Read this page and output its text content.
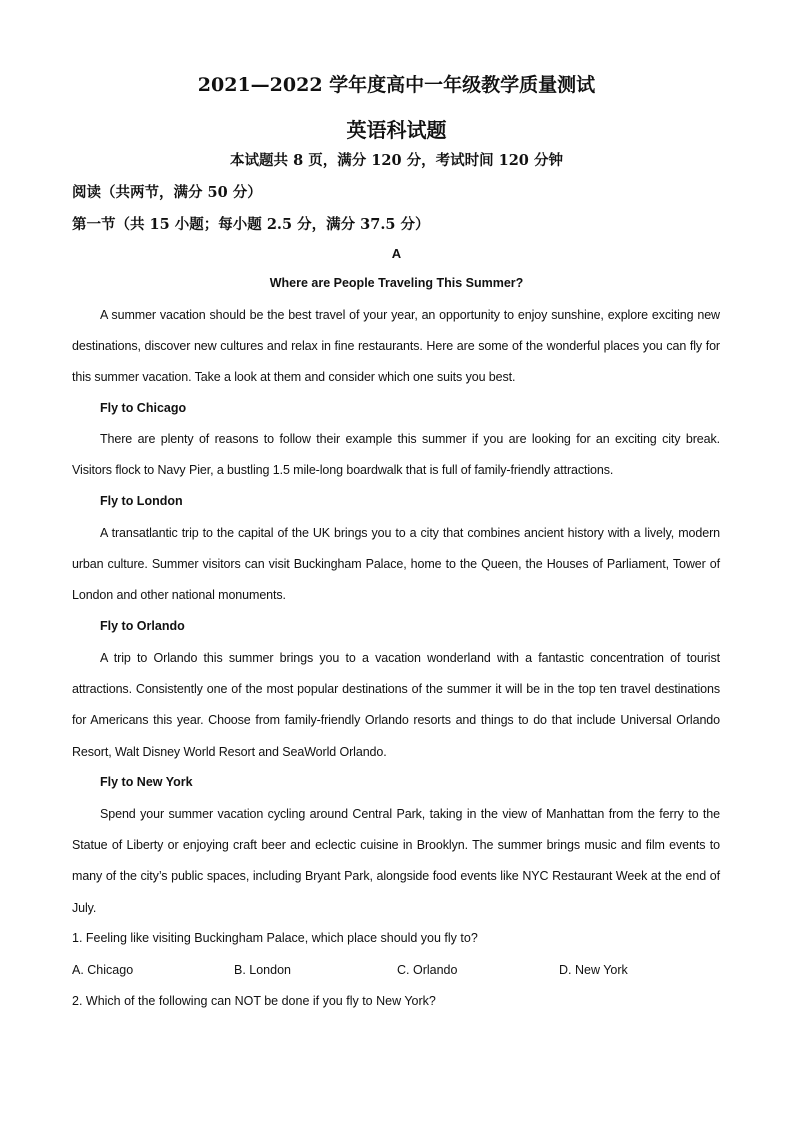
2021—2022 学年度高中一年级教学质量测试
英语科试题
本试题共 8 页，满分 120 分，考试时间 120 分钟
阅读（共两节，满分 50 分）
第一节（共 15 小题；每小题 2.5 分，满分 37.5 分）
A
Where are People Traveling This Summer?

A summer vacation should be the best travel of your year, an opportunity to enjoy sunshine, explore exciting new destinations, discover new cultures and relax in fine restaurants. Here are some of the wonderful places you can fly for this summer vacation. Take a look at them and consider which one suits you best.

Fly to Chicago

There are plenty of reasons to follow their example this summer if you are looking for an exciting city break. Visitors flock to Navy Pier, a bustling 1.5 mile-long boardwalk that is full of family-friendly attractions.

Fly to London

A transatlantic trip to the capital of the UK brings you to a city that combines ancient history with a lively, modern urban culture. Summer visitors can visit Buckingham Palace, home to the Queen, the Houses of Parliament, Tower of London and other national monuments.

Fly to Orlando

A trip to Orlando this summer brings you to a vacation wonderland with a fantastic concentration of tourist attractions. Consistently one of the most popular destinations of the summer it will be in the top ten travel destinations for Americans this year. Choose from family-friendly Orlando resorts and things to do that include Universal Orlando Resort, Walt Disney World Resort and SeaWorld Orlando.

Fly to New York

Spend your summer vacation cycling around Central Park, taking in the view of Manhattan from the ferry to the Statue of Liberty or enjoying craft beer and eclectic cuisine in Brooklyn. The summer brings music and film events to many of the city’s public spaces, including Bryant Park, alongside food events like NYC Restaurant Week at the end of July.

1. Feeling like visiting Buckingham Palace, which place should you fly to?
A. Chicago	B. London	C. Orlando	D. New York
2. Which of the following can NOT be done if you fly to New York?
